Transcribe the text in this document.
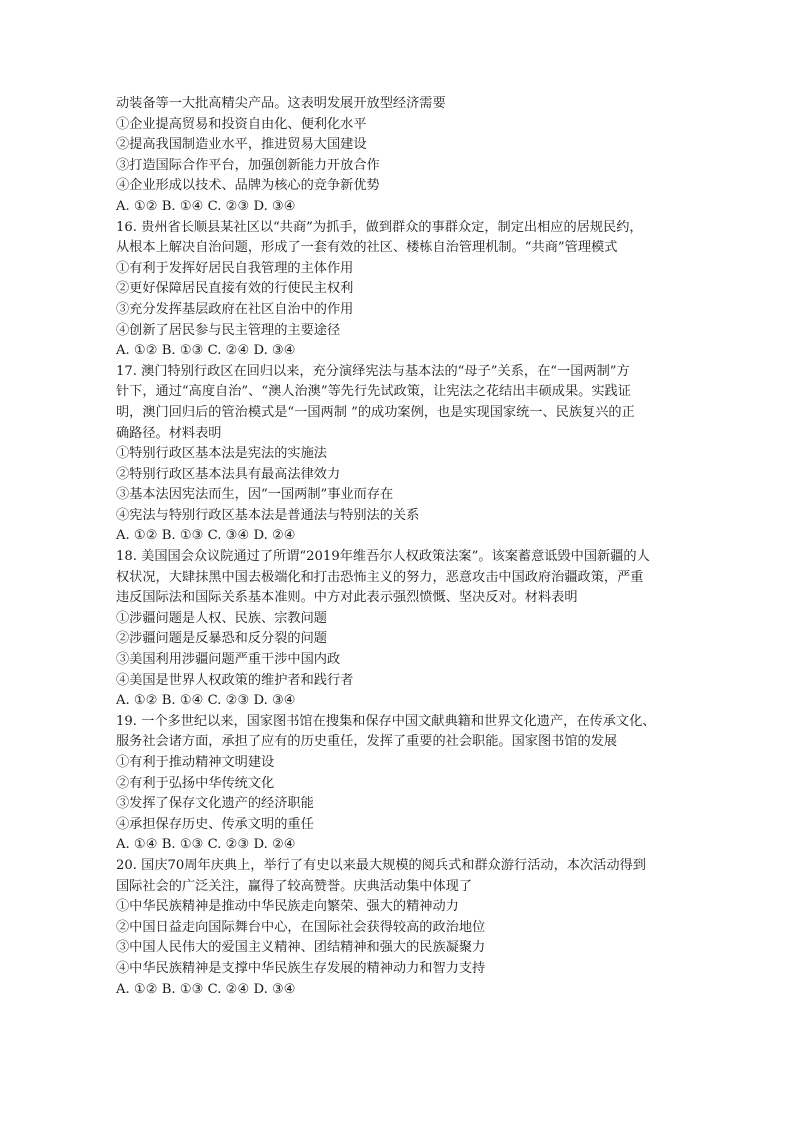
动装备等一大批高精尖产品。这表明发展开放型经济需要
①企业提高贸易和投资自由化、便利化水平
②提高我国制造业水平，推进贸易大国建设
③打造国际合作平台，加强创新能力开放合作
④企业形成以技术、品牌为核心的竞争新优势
A. ①② B. ①④ C. ②③ D. ③④
16. 贵州省长顺县某社区以“共商”为抓手，做到群众的事群众定，制定出相应的居规民约，
从根本上解决自治问题，形成了一套有效的社区、楼栋自治管理机制。“共商”管理模式
①有利于发挥好居民自我管理的主体作用
②更好保障居民直接有效的行使民主权利
③充分发挥基层政府在社区自治中的作用
④创新了居民参与民主管理的主要途径
A. ①② B. ①③ C. ②④ D. ③④
17. 澳门特别行政区在回归以来，充分演绎宪法与基本法的“母子”关系，在“一国两制”方
针下，通过“高度自治”、“澳人治澳”等先行先试政策，让宪法之花结出丰硕成果。实践证
明，澳门回归后的管治模式是“一国两制 ”的成功案例，也是实现国家统一、民族复兴的正
确路径。材料表明
①特别行政区基本法是宪法的实施法
②特别行政区基本法具有最高法律效力
③基本法因宪法而生，因“一国两制”事业而存在
④宪法与特别行政区基本法是普通法与特别法的关系
A. ①② B. ①③ C. ③④ D. ②④
18. 美国国会众议院通过了所谓“2019年维吾尔人权政策法案”。该案蓄意诋毁中国新疆的人
权状况，大肆抹黑中国去极端化和打击恐怖主义的努力，恶意攻击中国政府治疆政策，严重
违反国际法和国际关系基本准则。中方对此表示强烈愤慨、坚决反对。材料表明
①涉疆问题是人权、民族、宗教问题
②涉疆问题是反暴恐和反分裂的问题
③美国利用涉疆问题严重干涉中国内政
④美国是世界人权政策的维护者和践行者
A. ①② B. ①④ C. ②③ D. ③④
19. 一个多世纪以来，国家图书馆在搜集和保存中国文献典籍和世界文化遗产，在传承文化、
服务社会诸方面，承担了应有的历史重任，发挥了重要的社会职能。国家图书馆的发展
①有利于推动精神文明建设
②有利于弘扬中华传统文化
③发挥了保存文化遗产的经济职能
④承担保存历史、传承文明的重任
A. ①④ B. ①③ C. ②③ D. ②④
20. 国庆70周年庆典上，举行了有史以来最大规模的阅兵式和群众游行活动，本次活动得到
国际社会的广泛关注，赢得了较高赞誉。庆典活动集中体现了
①中华民族精神是推动中华民族走向繁荣、强大的精神动力
②中国日益走向国际舞台中心，在国际社会获得较高的政治地位
③中国人民伟大的爱国主义精神、团结精神和强大的民族凝聚力
④中华民族精神是支撑中华民族生存发展的精神动力和智力支持
A. ①② B. ①③ C. ②④ D. ③④
